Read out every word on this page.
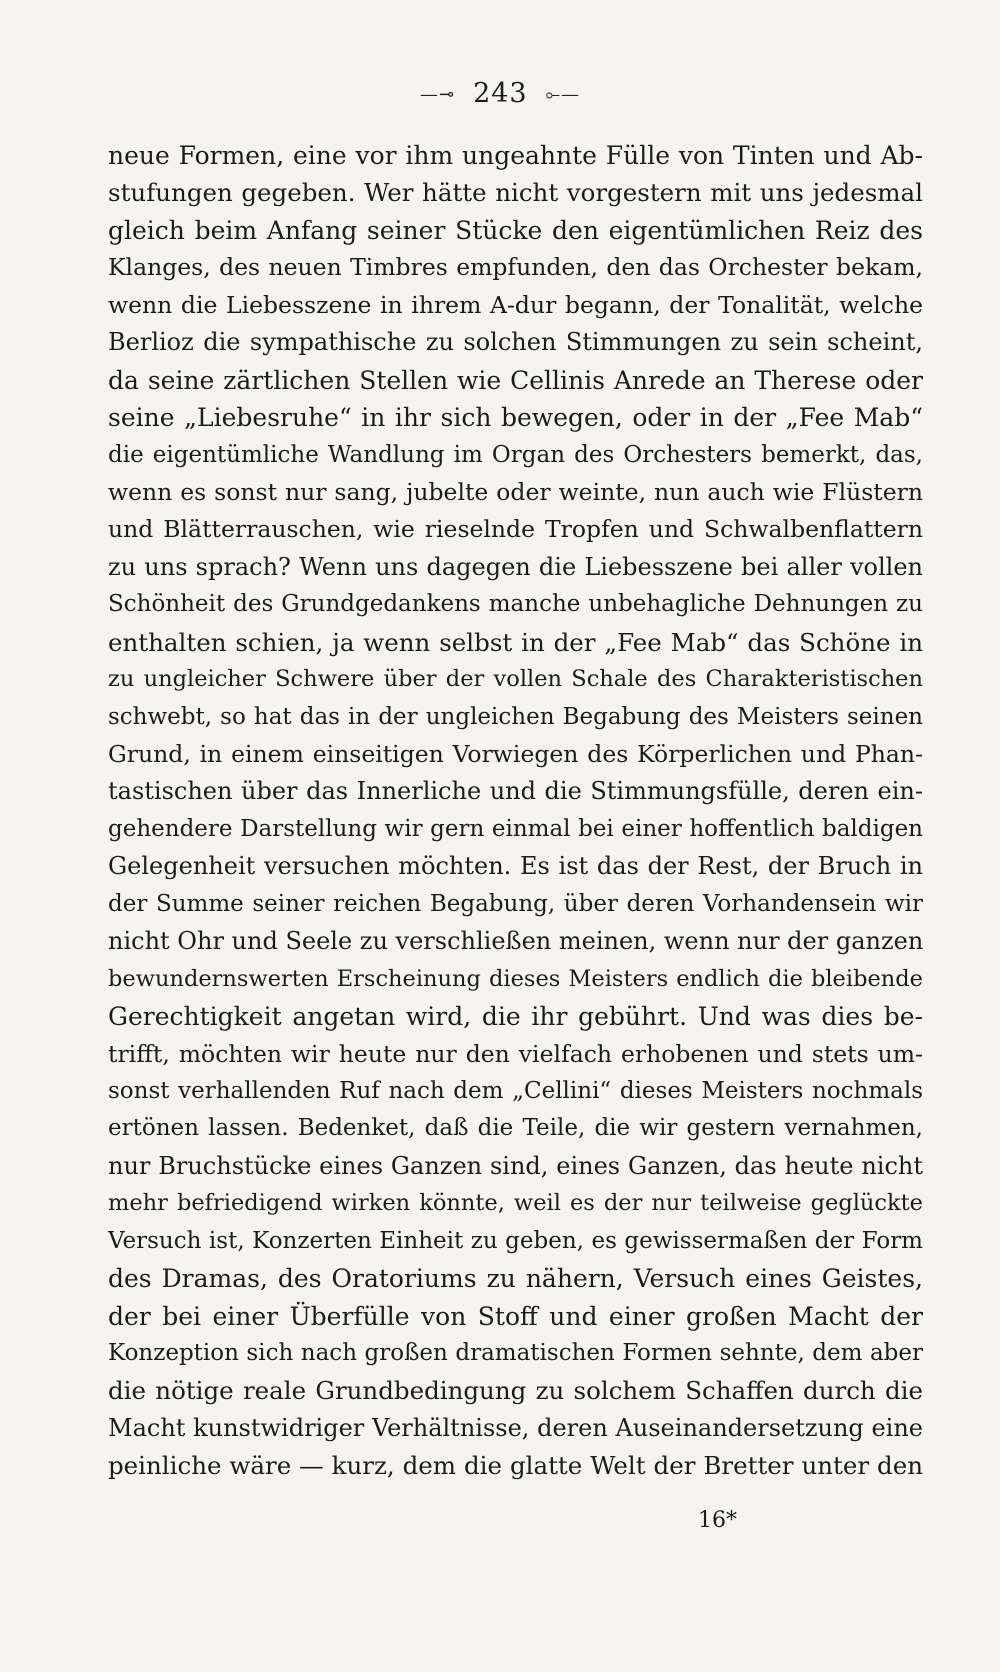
—⊸ 243 ⟜—
neue Formen, eine vor ihm ungeahnte Fülle von Tinten und Ab-
stufungen gegeben. Wer hätte nicht vorgestern mit uns jedesmal
gleich beim Anfang seiner Stücke den eigentümlichen Reiz des
Klanges, des neuen Timbres empfunden, den das Orchester bekam,
wenn die Liebesszene in ihrem A-dur begann, der Tonalität, welche
Berlioz die sympathische zu solchen Stimmungen zu sein scheint,
da seine zärtlichen Stellen wie Cellinis Anrede an Therese oder
seine „Liebesruhe“ in ihr sich bewegen, oder in der „Fee Mab“
die eigentümliche Wandlung im Organ des Orchesters bemerkt, das,
wenn es sonst nur sang, jubelte oder weinte, nun auch wie Flüstern
und Blätterrauschen, wie rieselnde Tropfen und Schwalbenflattern
zu uns sprach? Wenn uns dagegen die Liebesszene bei aller vollen
Schönheit des Grundgedankens manche unbehagliche Dehnungen zu
enthalten schien, ja wenn selbst in der „Fee Mab“ das Schöne in
zu ungleicher Schwere über der vollen Schale des Charakteristischen
schwebt, so hat das in der ungleichen Begabung des Meisters seinen
Grund, in einem einseitigen Vorwiegen des Körperlichen und Phan-
tastischen über das Innerliche und die Stimmungsfülle, deren ein-
gehendere Darstellung wir gern einmal bei einer hoffentlich baldigen
Gelegenheit versuchen möchten. Es ist das der Rest, der Bruch in
der Summe seiner reichen Begabung, über deren Vorhandensein wir
nicht Ohr und Seele zu verschließen meinen, wenn nur der ganzen
bewundernswerten Erscheinung dieses Meisters endlich die bleibende
Gerechtigkeit angetan wird, die ihr gebührt. Und was dies be-
trifft, möchten wir heute nur den vielfach erhobenen und stets um-
sonst verhallenden Ruf nach dem „Cellini“ dieses Meisters nochmals
ertönen lassen. Bedenket, daß die Teile, die wir gestern vernahmen,
nur Bruchstücke eines Ganzen sind, eines Ganzen, das heute nicht
mehr befriedigend wirken könnte, weil es der nur teilweise geglückte
Versuch ist, Konzerten Einheit zu geben, es gewissermaßen der Form
des Dramas, des Oratoriums zu nähern, Versuch eines Geistes,
der bei einer Überfülle von Stoff und einer großen Macht der
Konzeption sich nach großen dramatischen Formen sehnte, dem aber
die nötige reale Grundbedingung zu solchem Schaffen durch die
Macht kunstwidriger Verhältnisse, deren Auseinandersetzung eine
peinliche wäre — kurz, dem die glatte Welt der Bretter unter den
16*
